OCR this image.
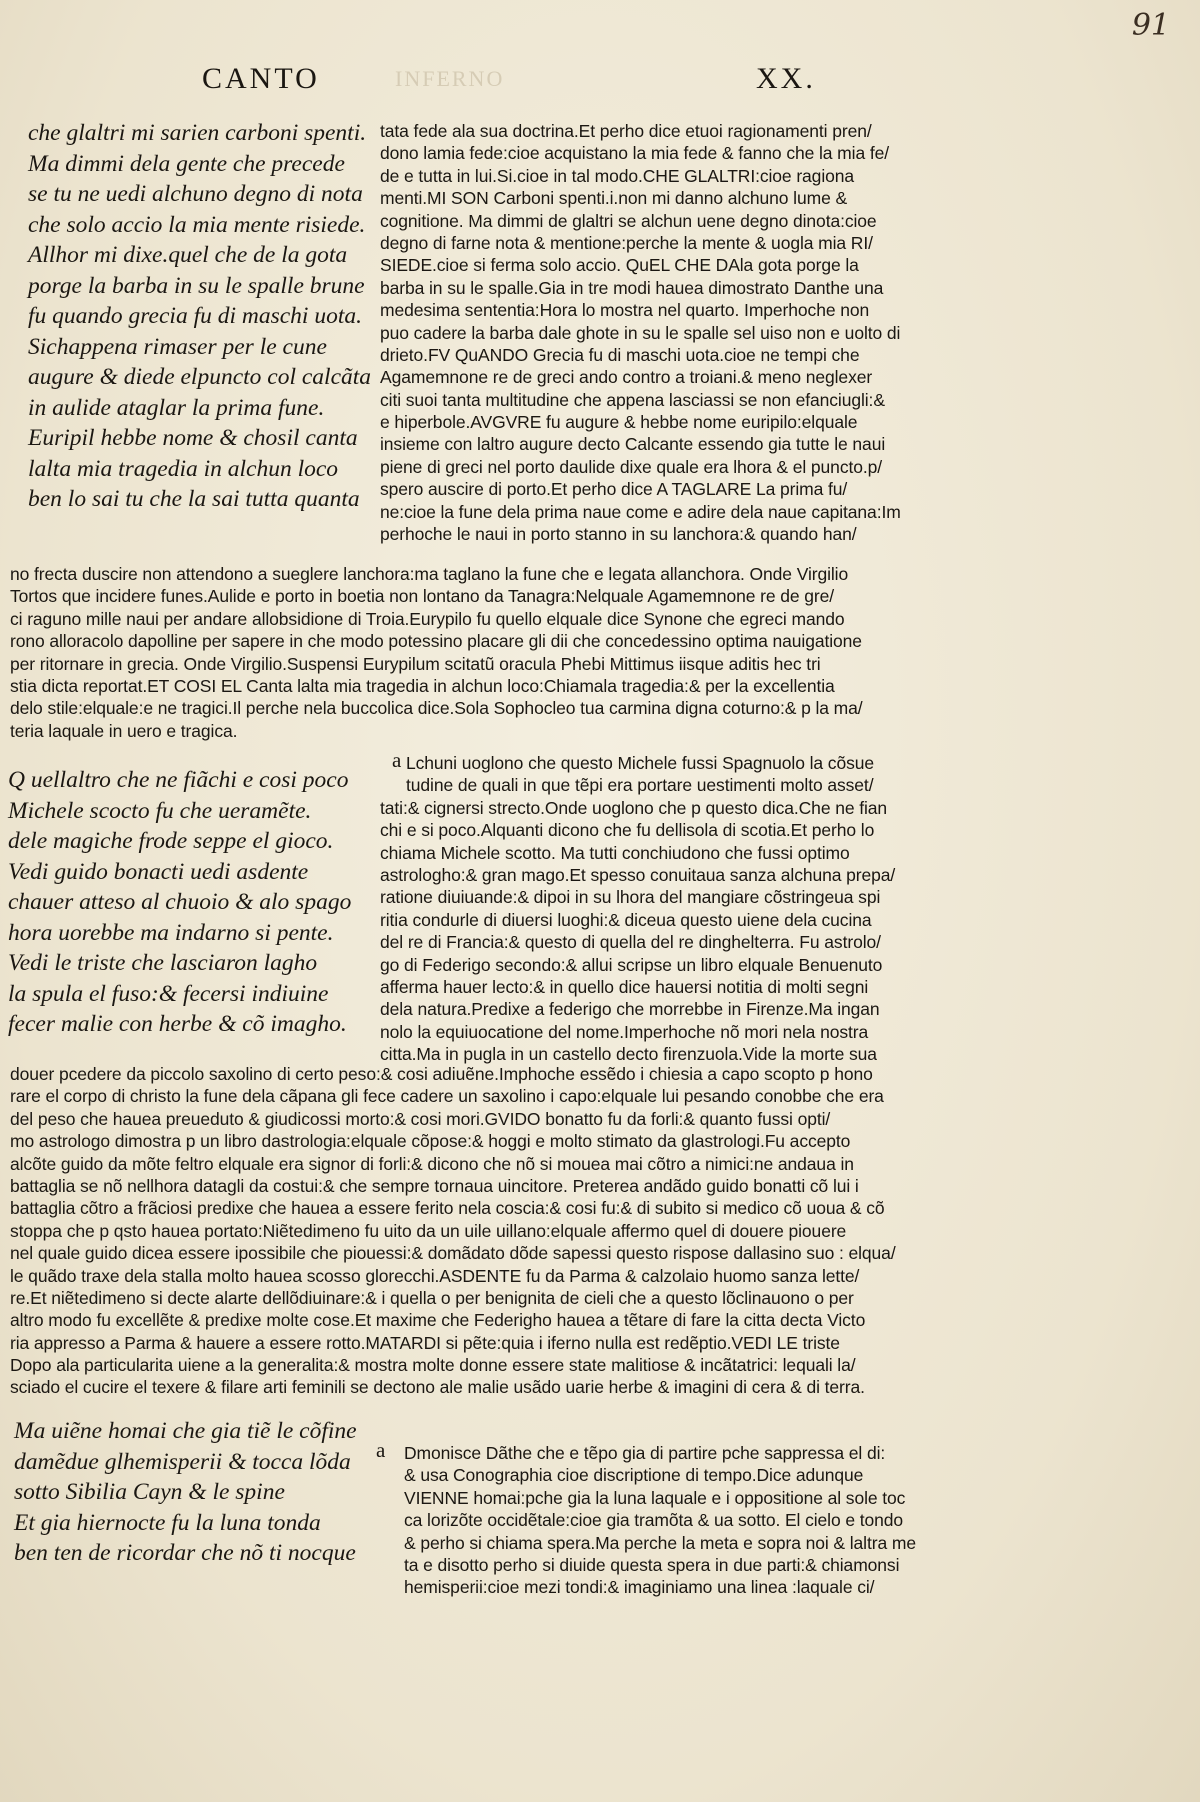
91
CANTO	INFERNO	XX.
che glaltri mi sarien carboni spenti.
Ma dimmi dela gente che precede
se tu ne uedi alchuno degno di nota
che solo accio la mia mente risiede.
Allhor mi dixe.quel che de la gota
porge la barba in su le spalle brune
fu quando grecia fu di maschi uota.
Sichappena rimaser per le cune
augure & diede elpuncto col calcãta
in aulide ataglar la prima fune.
Euripil hebbe nome & chosil canta
lalta mia tragedia in alchun loco
ben lo sai tu che la sai tutta quanta
tata fede ala sua doctrina.Et perho dice etuoi ragionamenti pren/
dono lamia fede:cioe acquistano la mia fede & fanno che la mia fe/
de e tutta in lui.Si.cioe in tal modo.CHE GLALTRI:cioe ragiona
menti.MI SON Carboni spenti.i.non mi danno alchuno lume &
cognitione. Ma dimmi de glaltri se alchun uene degno dinota:cioe
degno di farne nota & mentione:perche la mente & uogla mia RI/
SIEDE.cioe si ferma solo accio. QuEL CHE DAla gota porge la
barba in su le spalle.Gia in tre modi hauea dimostrato Danthe una
medesima sententia:Hora lo mostra nel quarto. Imperhoche non
puo cadere la barba dale ghote in su le spalle sel uiso non e uolto di
drieto.FV QuANDO Grecia fu di maschi uota.cioe ne tempi che
Agamemnone re de greci ando contro a troiani.& meno neglexer
citi suoi tanta multitudine che appena lasciassi se non efanciugli:&
e hiperbole.AVGVRE fu augure & hebbe nome euripilo:elquale
insieme con laltro augure decto Calcante essendo gia tutte le naui
piene di greci nel porto daulide dixe quale era lhora & el puncto.p/
spero auscire di porto.Et perho dice A TAGLARE La prima fu/
ne:cioe la fune dela prima naue come e adire dela naue capitana:Im
perhoche le naui in porto stanno in su lanchora:& quando han/
no frecta duscire non attendono a sueglere lanchora:ma taglano la fune che e legata allanchora. Onde Virgilio
Tortos que incidere funes.Aulide e porto in boetia non lontano da Tanagra:Nelquale Agamemnone re de gre/
ci raguno mille naui per andare allobsidione di Troia.Eurypilo fu quello elquale dice Synone che egreci mando
rono alloracolo dapolline per sapere in che modo potessino placare gli dii che concedessino optima nauigatione
per ritornare in grecia. Onde Virgilio.Suspensi Eurypilum scitatũ oracula Phebi Mittimus iisque aditis hec tri
stia dicta reportat.ET COSI EL Canta lalta mia tragedia in alchun loco:Chiamala tragedia:& per la excellentia
delo stile:elquale:e ne tragici.Il perche nela buccolica dice.Sola Sophocleo tua carmina digna coturno:& p la ma/
teria laquale in uero e tragica.
Q uellaltro che ne fiãchi e cosi poco
Michele scocto fu che ueramẽte.
dele magiche frode seppe el gioco.
Vedi guido bonacti uedi asdente
chauer atteso al chuoio & alo spago
hora uorebbe ma indarno si pente.
Vedi le triste che lasciaron lagho
la spula el fuso:& fecersi indiuine
fecer malie con herbe & cõ imagho.
a Lchuni uoglono che questo Michele fussi Spagnuolo la cõsue
tudine de quali in que tẽpi era portare uestimenti molto asset/
tati:& cignersi strecto.Onde uoglono che p questo dica.Che ne fian
chi e si poco.Alquanti dicono che fu dellisola di scotia.Et perho lo
chiama Michele scotto. Ma tutti conchiudono che fussi optimo
astrologho:& gran mago.Et spesso conuitaua sanza alchuna prepa/
ratione diuiuande:& dipoi in su lhora del mangiare cõstringeua spi
ritia condurle di diuersi luoghi:& diceua questo uiene dela cucina
del re di Francia:& questo di quella del re dinghelterra. Fu astrolo/
go di Federigo secondo:& allui scripse un libro elquale Benuenuto
afferma hauer lecto:& in quello dice hauersi notitia di molti segni
dela natura.Predixe a federigo che morrebbe in Firenze.Ma ingan
nolo la equiuocatione del nome.Imperhoche nõ mori nela nostra
citta.Ma in pugla in un castello decto firenzuola.Vide la morte sua
douer pcedere da piccolo saxolino di certo peso:& cosi adiuẽne.Imphoche essẽdo i chiesia a capo scopto p hono
rare el corpo di christo la fune dela cãpana gli fece cadere un saxolino i capo:elquale lui pesando conobbe che era
del peso che hauea preueduto & giudicossi morto:& cosi mori.GVIDO bonatto fu da forli:& quanto fussi opti/
mo astrologo dimostra p un libro dastrologia:elquale cõpose:& hoggi e molto stimato da glastrologi.Fu accepto
alcõte guido da mõte feltro elquale era signor di forli:& dicono che nõ si mouea mai cõtro a nimici:ne andaua in
battaglia se nõ nellhora datagli da costui:& che sempre tornaua uincitore. Pretereа andãdo guido bonatti cõ lui i
battaglia cõtro a frãciosi predixe che hauea a essere ferito nela coscia:& cosi fu:& di subito si medico cõ uoua & cõ
stoppa che p qsto hauea portato:Niẽtedimeno fu uito da un uile uillano:elquale affermo quel di douere piouere
nel quale guido dicea essere ipossibile che piouessi:& domãdato dõde sapessi questo rispose dallasino suo : elqua/
le quãdo traxe dela stalla molto hauea scosso glorecchi.ASDENTE fu da Parma & calzolaio huomo sanza lette/
re.Et niẽtedimeno si decte alarte dellõdiuinare:& i quella o per benignita de cieli che a questo lõclinauono o per
altro modo fu excellẽte & predixe molte cose.Et maxime che Federigho hauea a tẽtare di fare la citta decta Victo
ria appresso a Parma & hauere a essere rotto.MATARDI si pẽte:quia i iferno nulla est redẽptio.VEDI LE triste
Dopo ala particularita uiene a la generalita:& mostra molte donne essere state malitiose & incãtatrici: lequali la/
sciado el cucire el texere & filare arti feminili se dectono ale malie usãdo uarie herbe & imagini di cera & di terra.
Ma uiẽne homai che gia tiẽ le cõfine
damẽdue glhemisperii & tocca lõda
sotto Sibilia Cayn & le spine
Et gia hiernocte fu la luna tonda
ben ten de ricordar che nõ ti nocque
a Dmonisce Dãthe che e tẽpo gia di partire pche sappressa el di:
& usa Conographia cioe discriptione di tempo.Dice adunque
VIENNE homai:pche gia la luna laquale e i oppositione al sole toc
ca lorizõte occidẽtale:cioe gia tramõta & ua sotto. El cielo e tondo
& perho si chiama spera.Ma perche la meta e sopra noi & laltra me
ta e disotto perho si diuide questa spera in due parti:& chiamonsi
hemisperii:cioe mezi tondi:& imaginiamo una linea :laquale ci/
